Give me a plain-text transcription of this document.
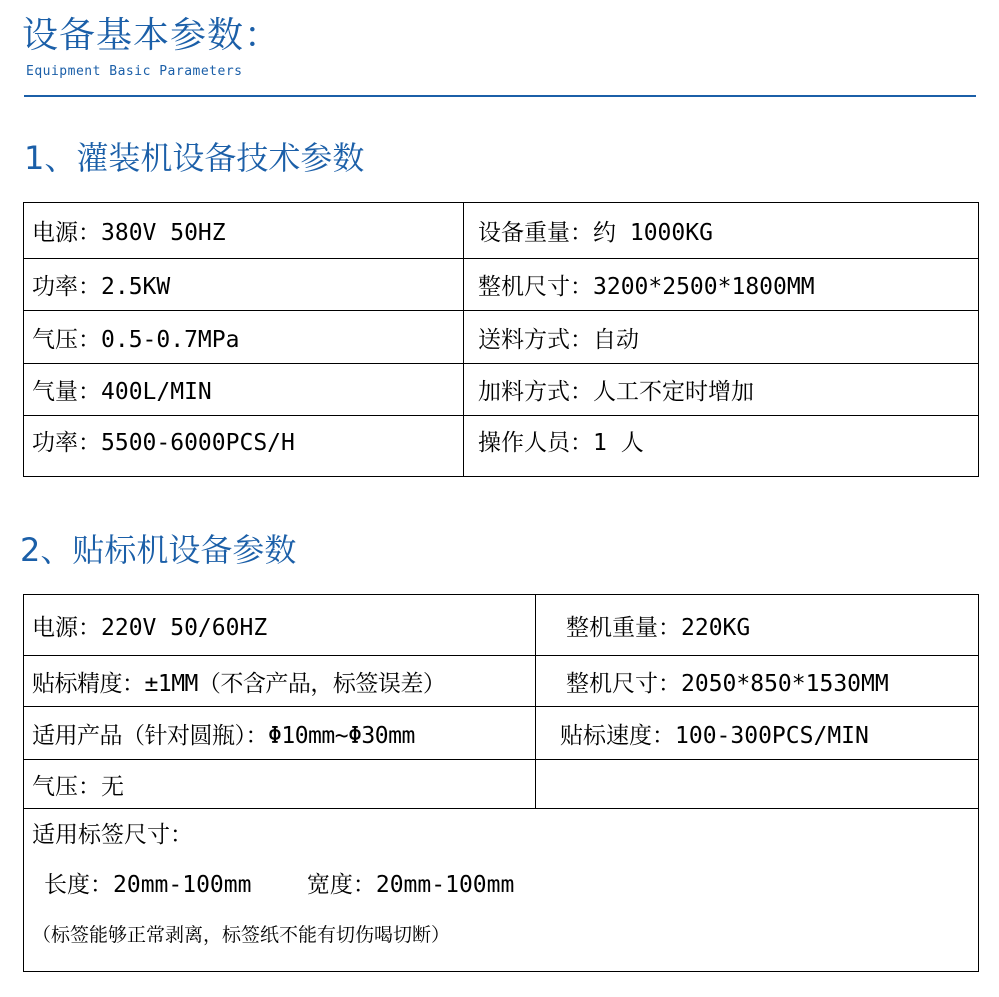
设备基本参数：
Equipment Basic Parameters
1、灌装机设备技术参数
电源：380V 50HZ	设备重量：约 1000KG
功率：2.5KW	整机尺寸：3200*2500*1800MM
气压：0.5-0.7MPa	送料方式：自动
气量：400L/MIN	加料方式：人工不定时增加
功率：5500-6000PCS/H	操作人员：1 人
2、贴标机设备参数
电源：220V 50/60HZ	整机重量：220KG
贴标精度：±1MM（不含产品，标签误差）	整机尺寸：2050*850*1530MM
适用产品（针对圆瓶）：Φ10mm~Φ30mm	贴标速度：100-300PCS/MIN
气压：无	

适用标签尺寸：
长度：20mm-100mm    宽度：20mm-100mm
（标签能够正常剥离，标签纸不能有切伤喝切断）	
